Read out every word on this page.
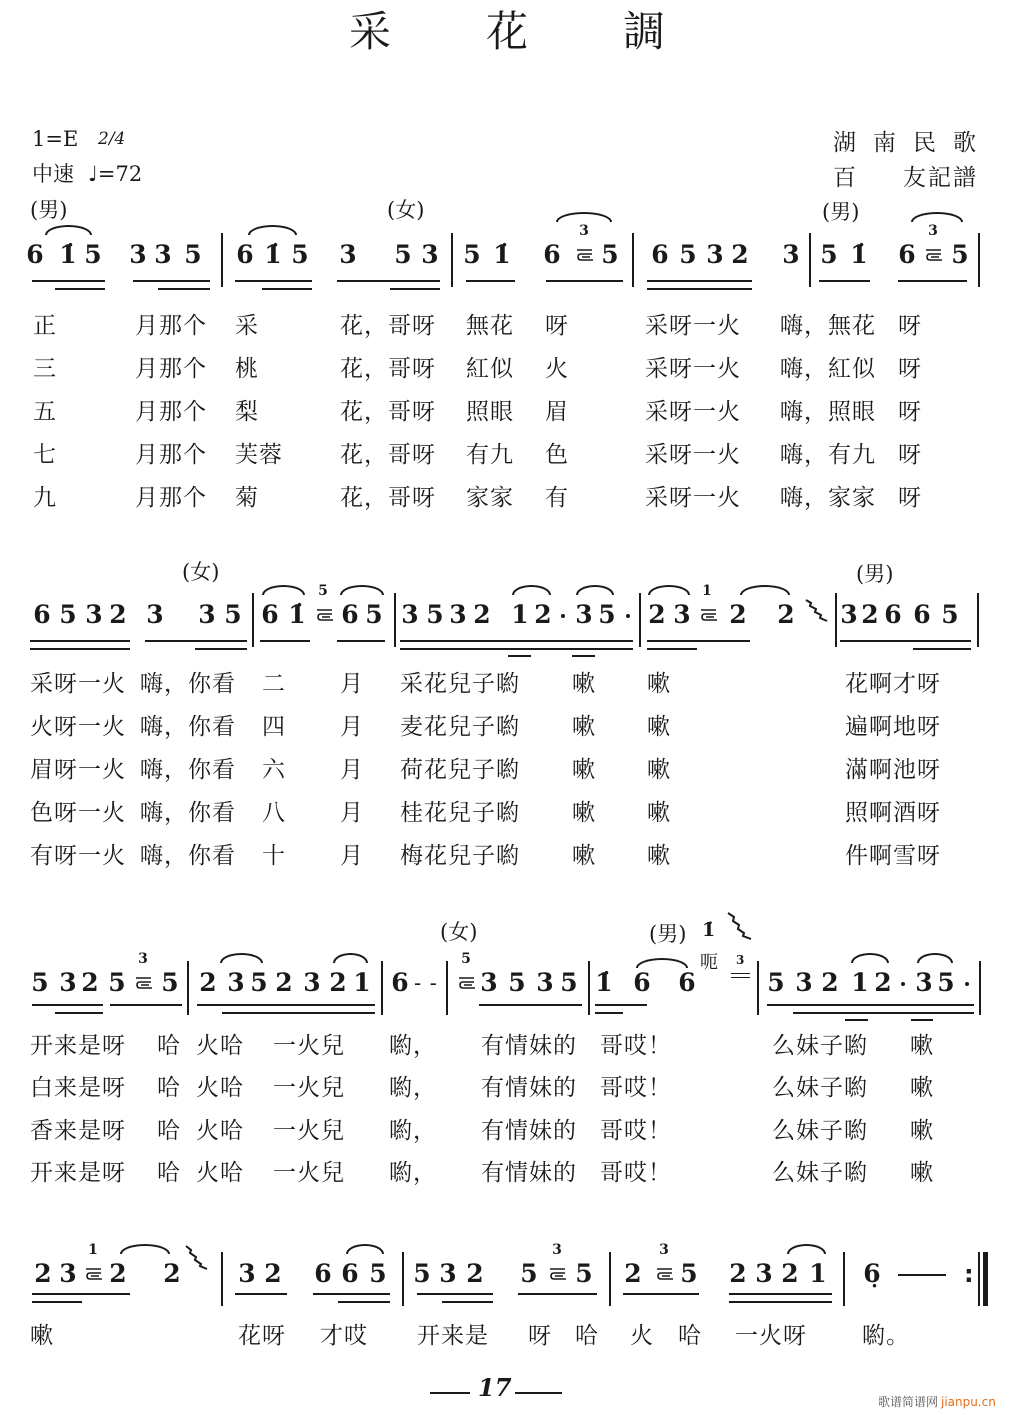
采花調
1=E 2/4
中速 ♩=72
湖南民歌
百 友記譜
(男)	(女)	(男)
6 1̇ 5 3 3 5 6 1̇ 5 3 5 3 5 1̇ 6
3
5 6 5 3 2 3 5 1̇ 6
3
5
正	月那个 采	花，哥呀 無花 呀	采呀一火 嗨，無花 呀
三	月那个 桃	花，哥呀 紅似 火	采呀一火 嗨，紅似 呀
五	月那个 梨	花，哥呀 照眼 眉	采呀一火 嗨，照眼 呀
七	月那个 芙蓉 花，哥呀 有九 色	采呀一火 嗨，有九 呀
九	月那个 菊	花，哥呀 家家 有	采呀一火 嗨，家家 呀
(女)	(男)
6 5 3 2 3 3 5 6 1̇
5
6 5 3 5 3 2 1 2 3 5 2 3
1
2 2 3 2 6 6 5
采呀一火 嗨，你看 二 月 采花兒子喲 嗽 嗽	花啊才呀
火呀一火 嗨，你看 四 月 麦花兒子喲 嗽 嗽	遍啊地呀
眉呀一火 嗨，你看 六 月 荷花兒子喲 嗽 嗽	滿啊池呀
色呀一火 嗨，你看 八 月 桂花兒子喲 嗽 嗽	照啊酒呀
有呀一火 嗨，你看 十 月 梅花兒子喲 嗽 嗽	件啊雪呀
(女)	(男) 1̇
呃 3
5 3 2 5
3
5 2 3 5 2 3 2 1 6 - -
5
3 5 3 5 1̇ 6 6	5 3 2 1 2 3 5
开来是呀 哈 火哈 一火兒 喲， 有情妹的 哥哎！	么妹子喲 嗽
白来是呀 哈 火哈 一火兒 喲， 有情妹的 哥哎！	么妹子喲 嗽
香来是呀 哈 火哈 一火兒 喲， 有情妹的 哥哎！	么妹子喲 嗽
开来是呀 哈 火哈 一火兒 喲， 有情妹的 哥哎！	么妹子喲 嗽
2 3
1
2 2 3 2 6 6 5 5 3 2 5
3
5 2
3
5 2 3 2 1 6̣	:
嗽	花呀 才哎 开来是 呀 哈 火 哈 一火呀 喲。
17	歌谱简谱网 jianpu.cn
